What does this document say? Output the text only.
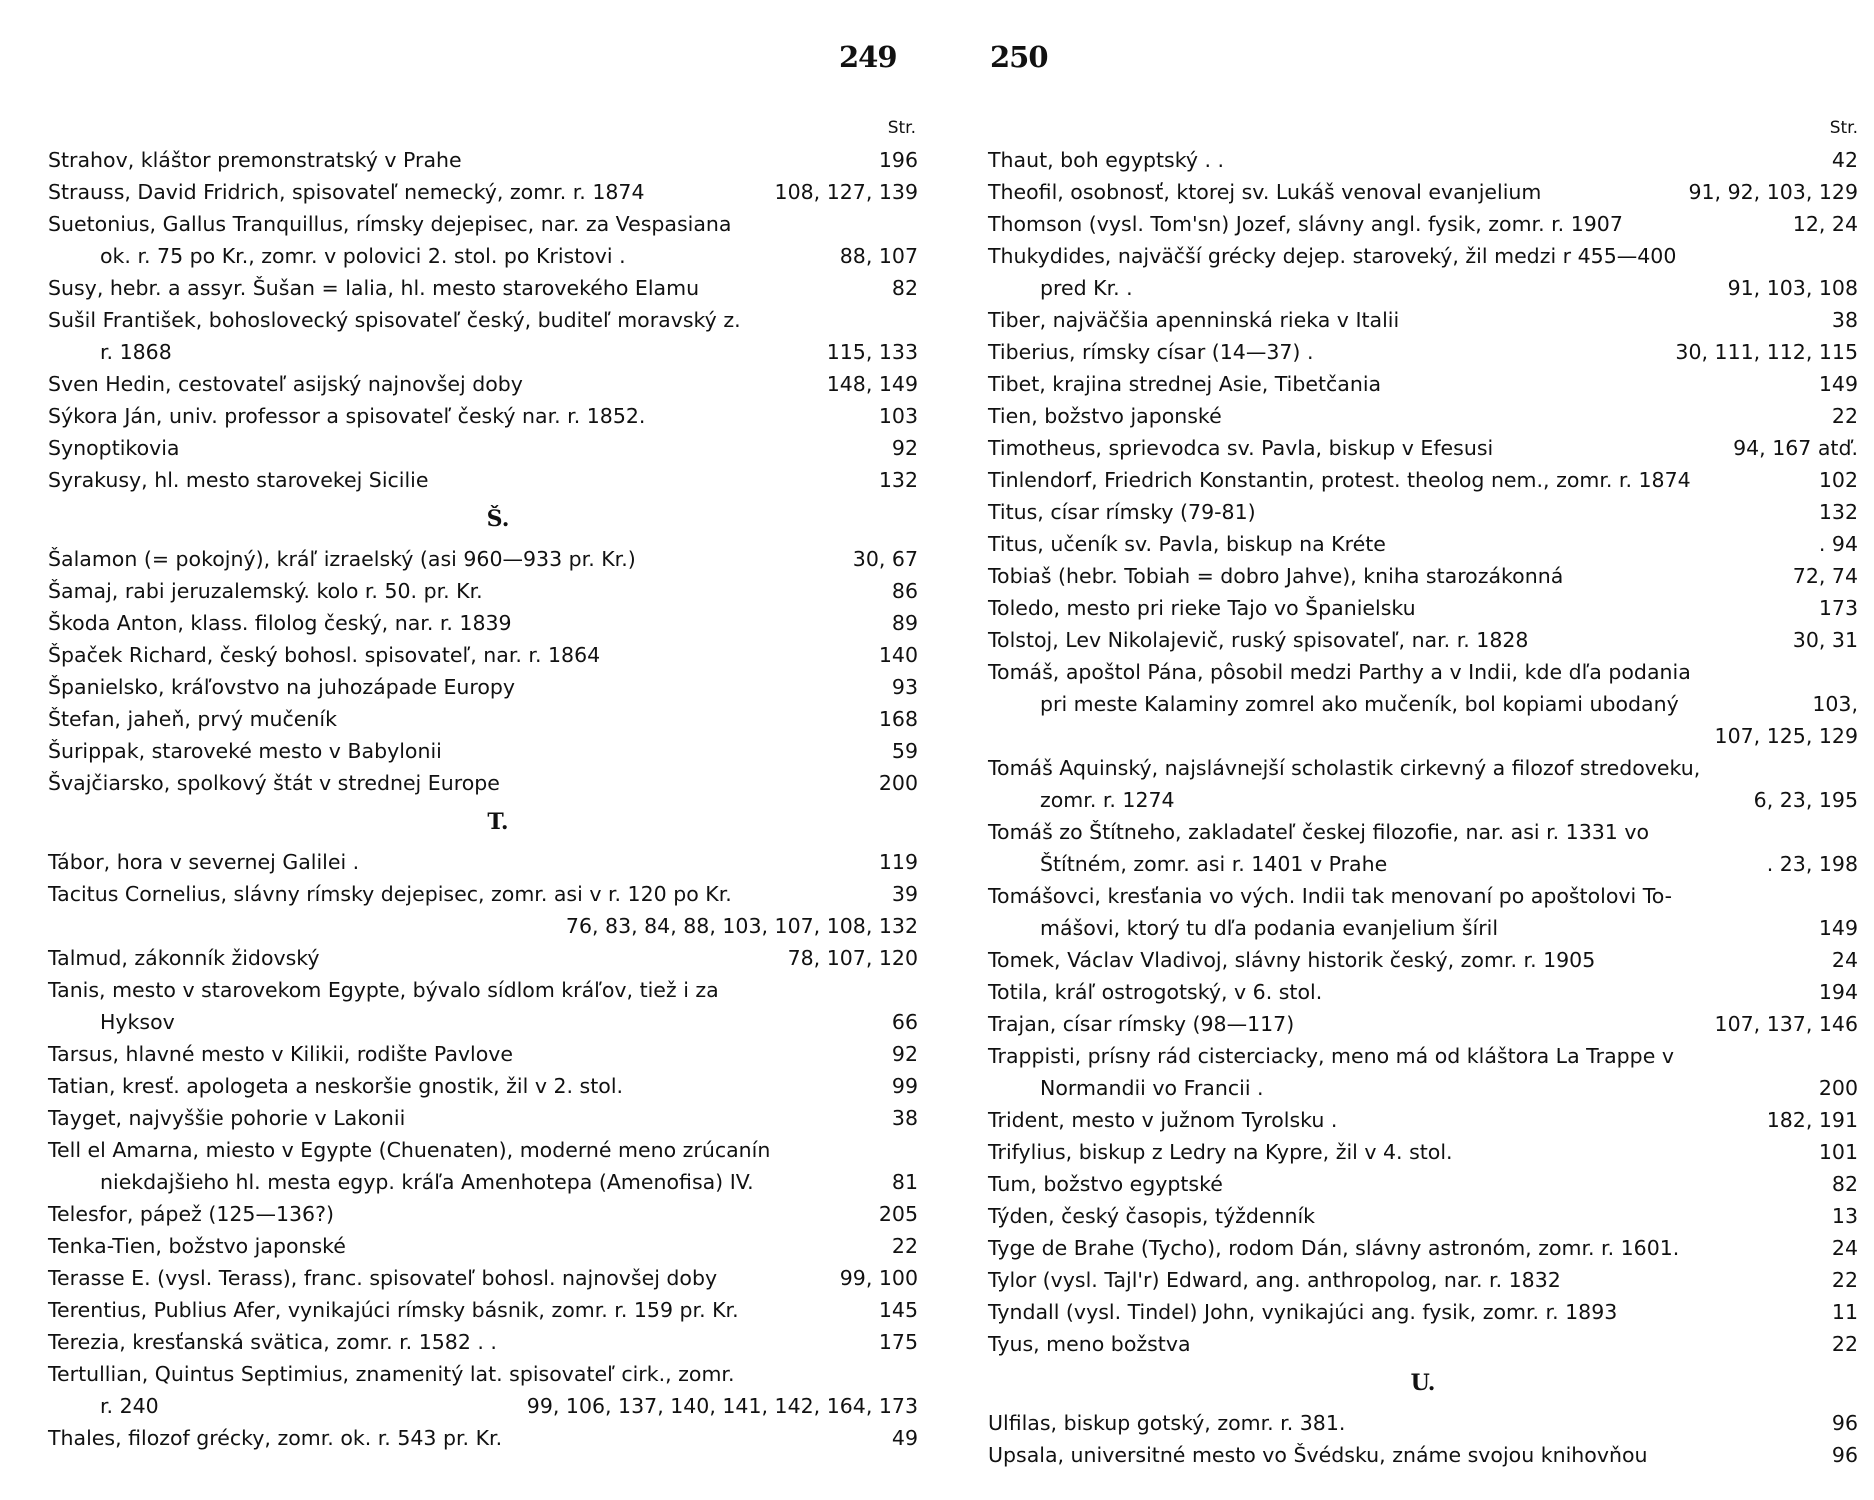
249
Str.
Strahov, kláštor premonstratský v Prahe	196
Strauss, David Fridrich, spisovateľ nemecký, zomr. r. 1874	108, 127, 139
Suetonius, Gallus Tranquillus, rímsky dejepisec, nar. za Vespasiana
ok. r. 75 po Kr., zomr. v polovici 2. stol. po Kristovi .	88, 107
Susy, hebr. a assyr. Šušan = lalia, hl. mesto starovekého Elamu	82
Sušil František, bohoslovecký spisovateľ český, buditeľ moravský z.
r. 1868	115, 133
Sven Hedin, cestovateľ asijský najnovšej doby	148, 149
Sýkora Ján, univ. professor a spisovateľ český nar. r. 1852.	103
Synoptikovia	92
Syrakusy, hl. mesto starovekej Sicilie	132
Š.
Šalamon (= pokojný), kráľ izraelský (asi 960—933 pr. Kr.)	30, 67
Šamaj, rabi jeruzalemský. kolo r. 50. pr. Kr.	86
Škoda Anton, klass. filolog český, nar. r. 1839	89
Špaček Richard, český bohosl. spisovateľ, nar. r. 1864	140
Španielsko, kráľovstvo na juhozápade Europy	93
Štefan, jaheň, prvý mučeník	168
Šurippak, staroveké mesto v Babylonii	59
Švajčiarsko, spolkový štát v strednej Europe	200
T.
Tábor, hora v severnej Galilei .	119
Tacitus Cornelius, slávny rímsky dejepisec, zomr. asi v r. 120 po Kr.	39
76, 83, 84, 88, 103, 107, 108, 132
Talmud, zákonník židovský	78, 107, 120
Tanis, mesto v starovekom Egypte, bývalo sídlom kráľov, tiež i za
Hyksov	66
Tarsus, hlavné mesto v Kilikii, rodište Pavlove	92
Tatian, kresť. apologeta a neskoršie gnostik, žil v 2. stol.	99
Tayget, najvyššie pohorie v Lakonii	38
Tell el Amarna, miesto v Egypte (Chuenaten), moderné meno zrúcanín
niekdajšieho hl. mesta egyp. kráľa Amenhotepa (Amenofisa) IV.	81
Telesfor, pápež (125—136?)	205
Tenka-Tien, božstvo japonské	22
Terasse E. (vysl. Terass), franc. spisovateľ bohosl. najnovšej doby	99, 100
Terentius, Publius Afer, vynikajúci rímsky básnik, zomr. r. 159 pr. Kr.	145
Terezia, kresťanská svätica, zomr. r. 1582 . .	175
Tertullian, Quintus Septimius, znamenitý lat. spisovateľ cirk., zomr.
r. 240	99, 106, 137, 140, 141, 142, 164, 173
Thales, filozof grécky, zomr. ok. r. 543 pr. Kr.	49
250
Str.
Thaut, boh egyptský . .	42
Theofil, osobnosť, ktorej sv. Lukáš venoval evanjelium	91, 92, 103, 129
Thomson (vysl. Tom'sn) Jozef, slávny angl. fysik, zomr. r. 1907	12, 24
Thukydides, najväčší grécky dejep. staroveký, žil medzi r 455—400
pred Kr. .	91, 103, 108
Tiber, najväčšia apenninská rieka v Italii	38
Tiberius, rímsky císar (14—37) .	30, 111, 112, 115
Tibet, krajina strednej Asie, Tibetčania	149
Tien, božstvo japonské	22
Timotheus, sprievodca sv. Pavla, biskup v Efesusi	94, 167 atď.
Tinlendorf, Friedrich Konstantin, protest. theolog nem., zomr. r. 1874	102
Titus, císar rímsky (79-81)	132
Titus, učeník sv. Pavla, biskup na Kréte	. 94
Tobiaš (hebr. Tobiah = dobro Jahve), kniha starozákonná	72, 74
Toledo, mesto pri rieke Tajo vo Španielsku	173
Tolstoj, Lev Nikolajevič, ruský spisovateľ, nar. r. 1828	30, 31
Tomáš, apoštol Pána, pôsobil medzi Parthy a v Indii, kde dľa podania
pri meste Kalaminy zomrel ako mučeník, bol kopiami ubodaný	103,
107, 125, 129
Tomáš Aquinský, najslávnejší scholastik cirkevný a filozof stredoveku,
zomr. r. 1274	6, 23, 195
Tomáš zo Štítneho, zakladateľ českej filozofie, nar. asi r. 1331 vo
Štítném, zomr. asi r. 1401 v Prahe	. 23, 198
Tomášovci, kresťania vo vých. Indii tak menovaní po apoštolovi To-
mášovi, ktorý tu dľa podania evanjelium šíril	149
Tomek, Václav Vladivoj, slávny historik český, zomr. r. 1905	24
Totila, kráľ ostrogotský, v 6. stol.	194
Trajan, císar rímsky (98—117)	107, 137, 146
Trappisti, prísny rád cisterciacky, meno má od kláštora La Trappe v
Normandii vo Francii .	200
Trident, mesto v južnom Tyrolsku .	182, 191
Trifylius, biskup z Ledry na Kypre, žil v 4. stol.	101
Tum, božstvo egyptské	82
Týden, český časopis, týždenník	13
Tyge de Brahe (Tycho), rodom Dán, slávny astronóm, zomr. r. 1601.	24
Tylor (vysl. Tajl'r) Edward, ang. anthropolog, nar. r. 1832	22
Tyndall (vysl. Tindel) John, vynikajúci ang. fysik, zomr. r. 1893	11
Tyus, meno božstva	22
U.
Ulfilas, biskup gotský, zomr. r. 381.	96
Upsala, universitné mesto vo Švédsku, známe svojou knihovňou	96
